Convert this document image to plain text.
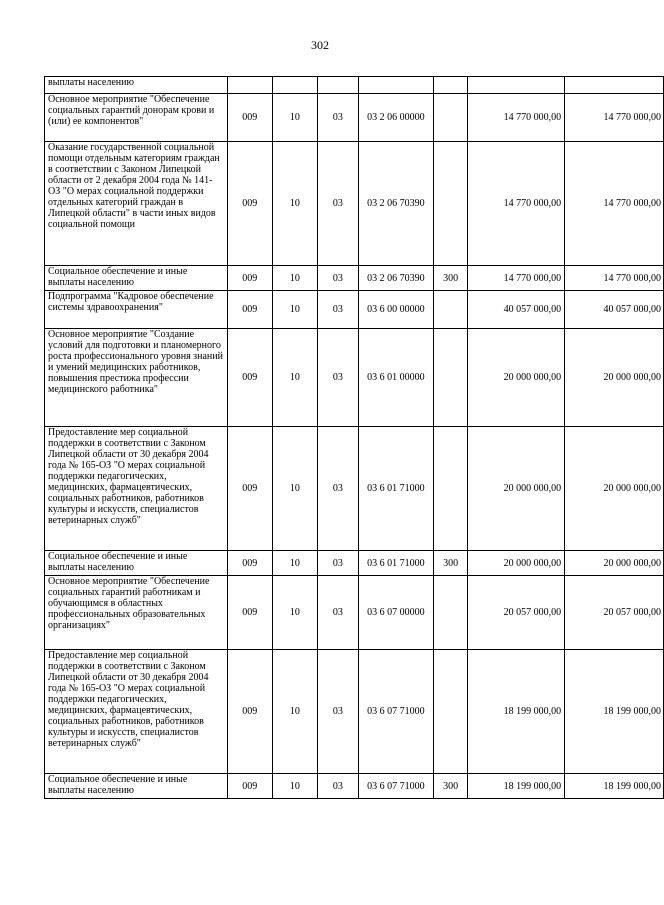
302
выплаты населению							
Основное мероприятие "Обеспечение социальных гарантий донорам крови и (или) ее компонентов"	009	10	03	03 2 06 00000		14 770 000,00	14 770 000,00
Оказание государственной социальной помощи отдельным категориям граждан в соответствии с Законом Липецкой области от 2 декабря 2004 года № 141-ОЗ "О мерах социальной поддержки отдельных категорий граждан в Липецкой области" в части иных видов социальной помощи	009	10	03	03 2 06 70390		14 770 000,00	14 770 000,00
Социальное обеспечение и иные выплаты населению	009	10	03	03 2 06 70390	300	14 770 000,00	14 770 000,00
Подпрограмма "Кадровое обеспечение системы здравоохранения"	009	10	03	03 6 00 00000		40 057 000,00	40 057 000,00
Основное мероприятие "Создание условий для подготовки и планомерного роста профессионального уровня знаний и умений медицинских работников, повышения престижа профессии медицинского работника"	009	10	03	03 6 01 00000		20 000 000,00	20 000 000,00
Предоставление мер социальной поддержки в соответствии с Законом Липецкой области от 30 декабря 2004 года № 165-ОЗ "О мерах социальной поддержки педагогических, медицинских, фармацевтических, социальных работников, работников культуры и искусств, специалистов ветеринарных служб"	009	10	03	03 6 01 71000		20 000 000,00	20 000 000,00
Социальное обеспечение и иные выплаты населению	009	10	03	03 6 01 71000	300	20 000 000,00	20 000 000,00
Основное мероприятие "Обеспечение социальных гарантий работникам и обучающимся в областных профессиональных образовательных организациях"	009	10	03	03 6 07 00000		20 057 000,00	20 057 000,00
Предоставление мер социальной поддержки в соответствии с Законом Липецкой области от 30 декабря 2004 года № 165-ОЗ "О мерах социальной поддержки педагогических, медицинских, фармацевтических, социальных работников, работников культуры и искусств, специалистов ветеринарных служб"	009	10	03	03 6 07 71000		18 199 000,00	18 199 000,00
Социальное обеспечение и иные выплаты населению	009	10	03	03 6 07 71000	300	18 199 000,00	18 199 000,00
